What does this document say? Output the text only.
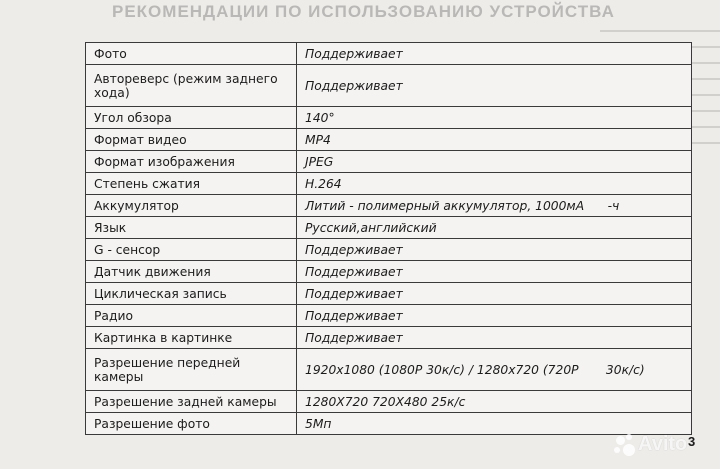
РЕКОМЕНДАЦИИ ПО ИСПОЛЬЗОВАНИЮ УСТРОЙСТВА
Фото	Поддерживает
Автореверс (режим заднего хода)	Поддерживает
Угол обзора	140°
Формат видео	MP4
Формат изображения	JPEG
Степень сжатия	H.264
Аккумулятор	Литий - полимерный аккумулятор, 1000мА      -ч
Язык	Русский,английский
G - сенсор	Поддерживает
Датчик движения	Поддерживает
Циклическая запись	Поддерживает
Радио	Поддерживает
Картинка в картинке	Поддерживает
Разрешение передней камеры	1920x1080 (1080P 30к/с) / 1280x720 (720P       30к/с)
Разрешение задней камеры	1280X720 720X480 25к/с
Разрешение фото	5Мп
Avito 3
